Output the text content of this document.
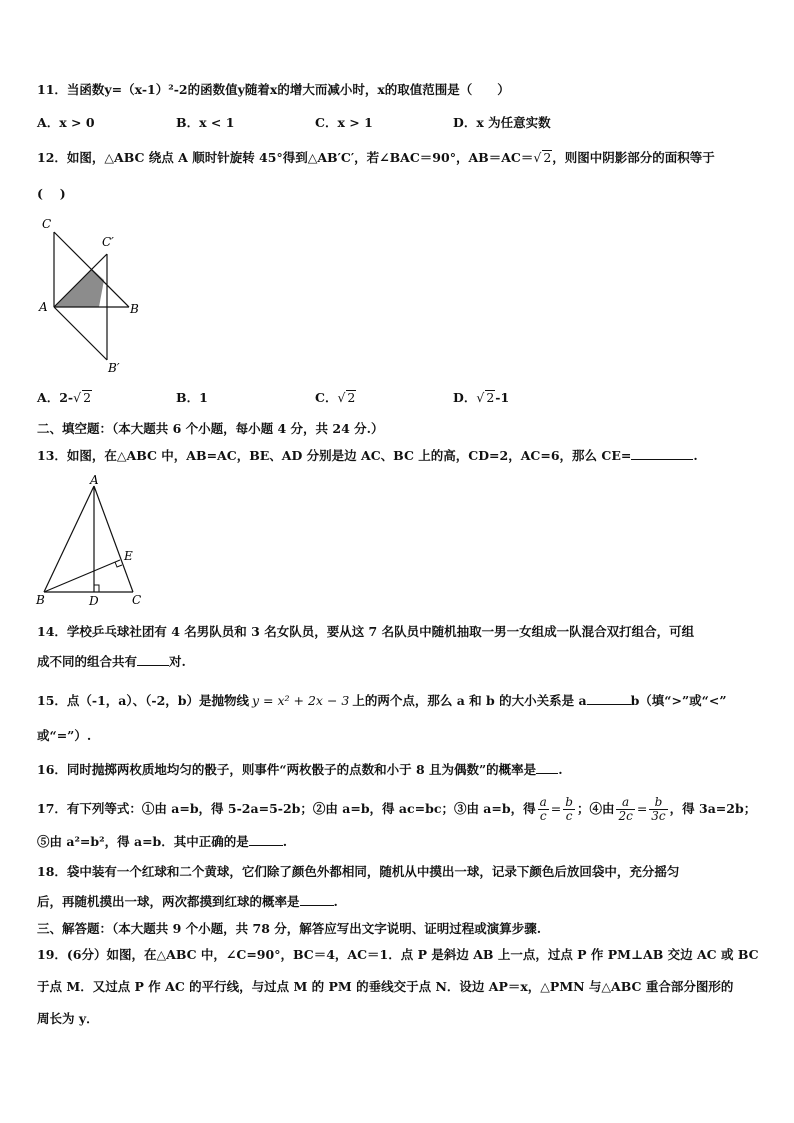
11．当函数y=（x-1）²-2的函数值y随着x的增大而减小时，x的取值范围是（　　）
A．x > 0	B．x < 1	C．x > 1	D．x 为任意实数
12．如图，△ABC 绕点 A 顺时针旋转 45°得到△AB′C′，若∠BAC＝90°，AB＝AC＝√ 2，则图中阴影部分的面积等于
(　 )
C
C′
A	B
B′
A．2-√ 2	B．1	C．√ 2	D．√ 2-1
二、填空题：（本大题共 6 个小题，每小题 4 分，共 24 分.）
13．如图，在△ABC 中，AB=AC，BE、AD 分别是边 AC、BC 上的高，CD=2，AC=6，那么 CE=	.
A
E
B	D	C
14．学校乒乓球社团有 4 名男队员和 3 名女队员，要从这 7 名队员中随机抽取一男一女组成一队混合双打组合，可组
成不同的组合共有	对.
15．点（-1，a）、（-2，b）是抛物线 y = x² + 2x − 3 上的两个点，那么 a 和 b 的大小关系是 a	b（填“>”或“<”
或“=”）.
16．同时抛掷两枚质地均匀的骰子，则事件“两枚骰子的点数和小于 8 且为偶数”的概率是 .
17．有下列等式：①由 a=b，得 5-2a=5-2b；②由 a=b，得 ac=bc；③由 a=b，得 $\frac{a}{c} = \frac{b}{c}$ ；④由 $\frac{a}{2c} = \frac{b}{3c}$ ，得 3a=2b；
⑤由 a²=b²，得 a=b．其中正确的是	.
18．袋中装有一个红球和二个黄球，它们除了颜色外都相同，随机从中摸出一球，记录下颜色后放回袋中，充分摇匀
后，再随机摸出一球，两次都摸到红球的概率是	.
三、解答题：（本大题共 9 个小题，共 78 分，解答应写出文字说明、证明过程或演算步骤.
19．(6分）如图，在△ABC 中，∠C=90°，BC＝4，AC＝1．点 P 是斜边 AB 上一点，过点 P 作 PM⊥AB 交边 AC 或 BC
于点 M．又过点 P 作 AC 的平行线，与过点 M 的 PM 的垂线交于点 N．设边 AP＝x，△PMN 与△ABC 重合部分图形的
周长为 y．
